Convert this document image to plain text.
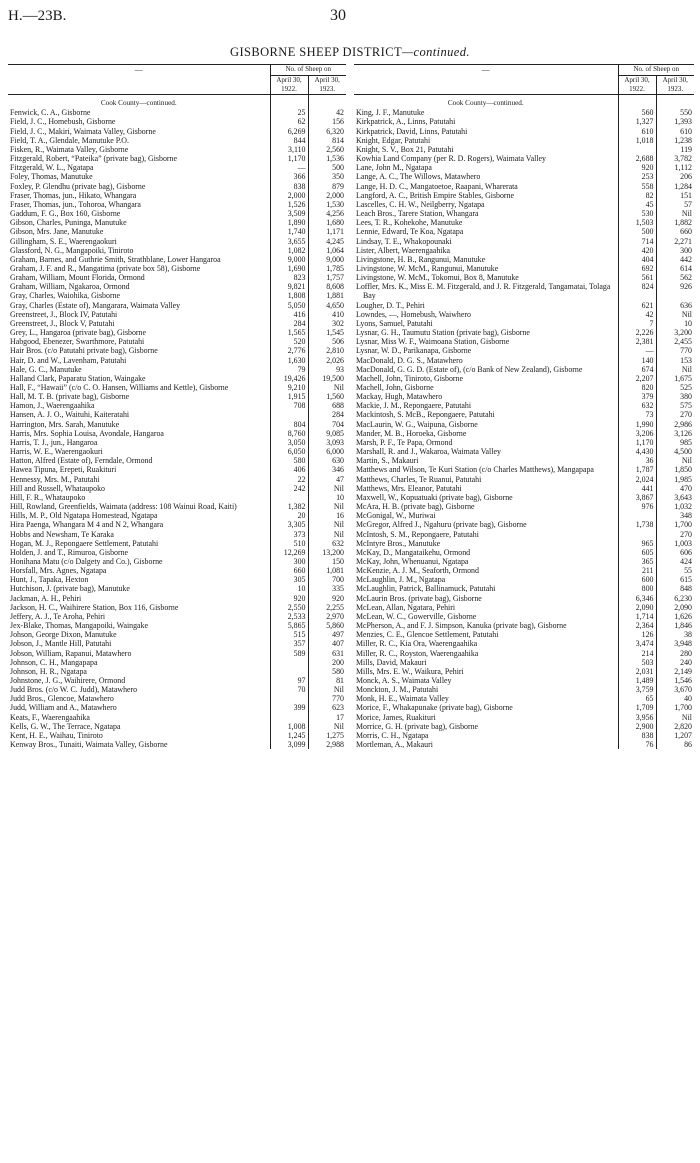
H.—23B.	30
GISBORNE SHEEP DISTRICT—continued.
—	No. of Sheep on	
	April 30,
1922.	April 30,
1923.
Cook County—continued.		
Fenwick, C. A., Gisborne	25	42
Field, J. C., Homebush, Gisborne	62	156
Field, J. C., Makiri, Waimata Valley, Gisborne	6,269	6,320
Field, T. A., Glendale, Manutuke P.O.	844	814
Fisken, R., Waimata Valley, Gisborne	3,110	2,560
Fitzgerald, Robert, “Pateika” (private bag), Gisborne	1,170	1,536
Fitzgerald, W. L., Ngatapa	—	500
Foley, Thomas, Manutuke	366	350
Foxley, P. Glendhu (private bag), Gisborne	838	879
Fraser, Thomas, jun., Hikato, Whangara	2,000	2,000
Fraser, Thomas, jun., Tohoroa, Whangara	1,526	1,530
Gaddum, F. G., Box 160, Gisborne	3,509	4,256
Gibson, Charles, Puninga, Manutuke	1,890	1,680
Gibson, Mrs. Jane, Manutuke	1,740	1,171
Gillingham, S. E., Waerengaokuri	3,655	4,245
Glassford, N. G., Mangapoiki, Tiniroto	1,082	1,064
Graham, Barnes, and Guthrie Smith, Strathblane, Lower Hangaroa	9,000	9,000
Graham, J. F. and R., Mangatima (private box 58), Gisborne	1,690	1,785
Graham, William, Mount Florida, Ormond	823	1,757
Graham, William, Ngakaroa, Ormond	9,821	8,608
Gray, Charles, Waiohika, Gisborne	1,808	1,881
Gray, Charles (Estate of), Mangarara, Waimata Valley	5,050	4,650
Greenstreet, J., Block IV, Patutahi	416	410
Greenstreet, J., Block V, Patutahi	284	302
Grey, L., Hangaroa (private bag), Gisborne	1,565	1,545
Habgood, Ebenezer, Swarthmore, Patutahi	520	506
Hair Bros. (c/o Patutahi private bag), Gisborne	2,776	2,810
Hair, D. and W., Lavenham, Patutahi	1,630	2,026
Hale, G. C., Manutuke	79	93
Halland Clark, Paparatu Station, Waingake	19,426	19,500
Hall, F., “Hawaii” (c/o C. O. Hansen, Williams and Kettle), Gisborne	9,210	Nil
Hall, M. T. B. (private bag), Gisborne	1,915	1,560
Hamon, J., Waerengaahika	708	688
Hansen, A. J. O., Waituhi, Kaiteratahi		284
Harrington, Mrs. Sarah, Manutuke	804	704
Harris, Mrs. Sophia Louisa, Avondale, Hangaroa	8,760	9,085
Harris, T. J., jun., Hangaroa	3,050	3,093
Harris, W. E., Waerengaokuri	6,050	6,000
Hatton, Alfred (Estate of), Ferndale, Ormond	580	630
Hawea Tipuna, Erepeti, Ruakituri	406	346
Hennessy, Mrs. M., Patutahi	22	47
Hill and Russell, Whataupoko	242	Nil
Hill, F. R., Whataupoko		10
Hill, Rowland, Greenfields, Waimata (address: 108 Wainui Road, Kaiti)	1,382	Nil
Hills, M. P., Old Ngatapa Homestead, Ngatapa	20	16
Hira Paenga, Whangara M 4 and N 2, Whangara	3,305	Nil
Hobbs and Newsham, Te Karaka	373	Nil
Hogan, M. J., Repongaere Settlement, Patutahi	510	632
Holden, J. and T., Rimuroa, Gisborne	12,269	13,200
Honihana Matu (c/o Dalgety and Co.), Gisborne	300	150
Horsfall, Mrs. Agnes, Ngatapa	660	1,081
Hunt, J., Tapaka, Hexton	305	700
Hutchison, J. (private bag), Manutuke	10	335
Jackman, A. H., Pehiri	920	920
Jackson, H. C., Waihirere Station, Box 116, Gisborne	2,550	2,255
Jeffery, A. J., Te Aroha, Pehiri	2,533	2,970
Jex-Blake, Thomas, Mangapoiki, Waingake	5,865	5,860
Johson, George Dixon, Manutuke	515	497
Jobson, J., Mantle Hill, Patutahi	357	407
Jobson, William, Rapanui, Matawhero	589	631
Johnson, C. H., Mangapapa		200
Johnson, H. R., Ngatapa		580
Johnstone, J. G., Waihirere, Ormond	97	81
Judd Bros. (c/o W. C. Judd), Matawhero	70	Nil
Judd Bros., Glencoe, Matawhero		770
Judd, William and A., Matawhero	399	623
Keats, F., Waerengaahika		17
Kells, G. W., The Terrace, Ngatapa	1,008	Nil
Kent, H. E., Waihau, Tiniroto	1,245	1,275
Kenway Bros., Tunaiti, Waimata Valley, Gisborne	3,099	2,988
—	No. of Sheep on	
	April 30,
1922.	April 30,
1923.
Cook County—continued.		
King, J. F., Manutuke	560	550
Kirkpatrick, A., Linns, Patutahi	1,327	1,393
Kirkpatrick, David, Linns, Patutahi	610	610
Knight, Edgar, Patutahi	1,018	1,238
Knight, S. V., Box 21, Patutahi		119
Kowhia Land Company (per R. D. Rogers), Waimata Valley	2,688	3,782
Lane, John M., Ngatapa	920	1,112
Lange, A. C., The Willows, Matawhero	253	206
Lange, H. D. C., Mangatoetoe, Raapani, Wharerata	558	1,284
Langford, A. C., British Empire Stables, Gisborne	82	151
Lascelles, C. H. W., Neilgberry, Ngatapa	45	57
Leach Bros., Tarere Station, Whangara	530	Nil
Lees, T. R., Kohekohe, Manutuke	1,503	1,882
Lennie, Edward, Te Koa, Ngatapa	500	660
Lindsay, T. E., Whakopounaki	714	2,271
Lister, Albert, Waerengaahika	420	300
Livingstone, H. B., Rangunui, Manutuke	404	442
Livingstone, W. McM., Rangunui, Manutuke	692	614
Livingstone, W. McM., Tokomui, Box 8, Manutuke	561	562
Loffler, Mrs. K., Miss E. M. Fitzgerald, and J. R. Fitzgerald, Tangamatai, Tolaga Bay	824	926
Lougher, D. T., Pehiri	621	636
Lowndes, —, Homebush, Waiwhero	42	Nil
Lyons, Samuel, Patutahi	7	10
Lysnar, G. H., Taumutu Station (private bag), Gisborne	2,226	3,200
Lysnar, Miss W. F., Waimoana Station, Gisborne	2,381	2,455
Lysnar, W. D., Parikanapa, Gisborne	—	770
MacDonald, D. G. S., Matawhero	140	153
MacDonald, G. G. D. (Estate of), (c/o Bank of New Zealand), Gisborne	674	Nil
Machell, John, Tiniroto, Gisborne	2,207	1,675
Machell, John, Gisborne	820	525
Mackay, Hugh, Matawhero	379	380
Mackie, J. M., Repongaere, Patutahi	632	575
Mackintosh, S. McB., Repongaere, Patutahi	73	270
MacLaurin, W. G., Waipuna, Gisborne	1,990	2,986
Mander, M. B., Horoeka, Gisborne	3,206	3,126
Marsh, P. F., Te Papa, Ormond	1,170	985
Marshall, R. and J., Wakaroa, Waimata Valley	4,430	4,500
Martin, S., Makauri	36	Nil
Matthews and Wilson, Te Kuri Station (c/o Charles Matthews), Mangapapa	1,787	1,850
Matthews, Charles, Te Ruanui, Patutahi	2,024	1,985
Matthews, Mrs. Eleanor, Patutahi	441	470
Maxwell, W., Kopuatuaki (private bag), Gisborne	3,867	3,643
McAra, H. B. (private bag), Gisborne	976	1,032
McGonigal, W., Muriwai		348
McGregor, Alfred J., Ngahuru (private bag), Gisborne	1,738	1,700
McIntosh, S. M., Repongaere, Patutahi		270
McIntyre Bros., Manutuke	965	1,003
McKay, D., Mangataikehu, Ormond	605	606
McKay, John, Whenuanui, Ngatapa	365	424
McKenzie, A. J. M., Seaforth, Ormond	211	55
McLaughlin, J. M., Ngatapa	600	615
McLaughlin, Patrick, Ballinamuck, Patutahi	800	848
McLaurin Bros. (private bag), Gisborne	6,346	6,230
McLean, Allan, Ngatara, Pehiri	2,090	2,090
McLean, W. C., Gowerville, Gisborne	1,714	1,626
McPherson, A., and F. J. Simpson, Kanuka (private bag), Gisborne	2,364	1,846
Menzies, C. E., Glencoe Settlement, Patutahi	126	38
Miller, R. C., Kia Ora, Waerengaahika	3,474	3,948
Miller, R. C., Royston, Waerengaahika	214	280
Mills, David, Makauri	503	240
Mills, Mrs. E. W., Waikura, Pehiri	2,031	2,149
Monck, A. S., Waimata Valley	1,489	1,546
Monckton, J. M., Patutahi	3,759	3,670
Monk, H. E., Waimata Valley	65	40
Morice, F., Whakapunake (private bag), Gisborne	1,709	1,700
Morice, James, Ruakituri	3,956	Nil
Morrice, G. H. (private bag), Gisborne	2,900	2,820
Morris, C. H., Ngatapa	838	1,207
Mortleman, A., Makauri	76	86
